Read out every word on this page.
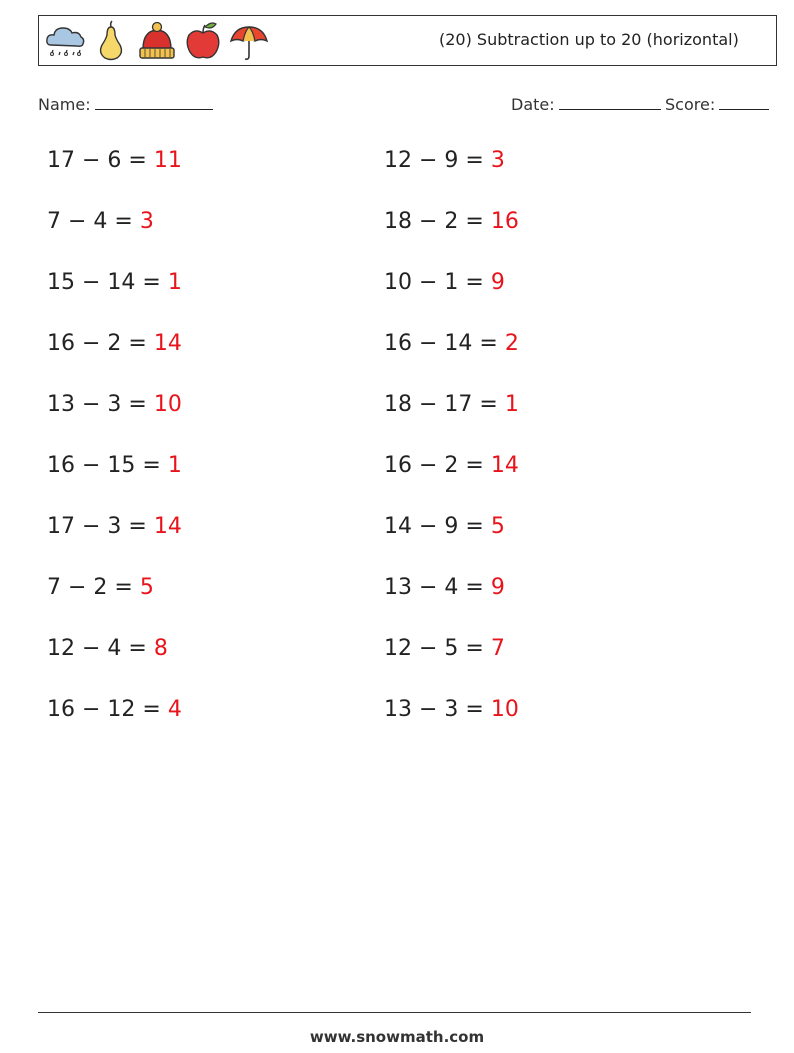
(20) Subtraction up to 20 (horizontal)
Name:	Date:	Score:
17 − 6 = 11
7 − 4 = 3
15 − 14 = 1
16 − 2 = 14
13 − 3 = 10
16 − 15 = 1
17 − 3 = 14
7 − 2 = 5
12 − 4 = 8
16 − 12 = 4
12 − 9 = 3
18 − 2 = 16
10 − 1 = 9
16 − 14 = 2
18 − 17 = 1
16 − 2 = 14
14 − 9 = 5
13 − 4 = 9
12 − 5 = 7
13 − 3 = 10
www.snowmath.com
